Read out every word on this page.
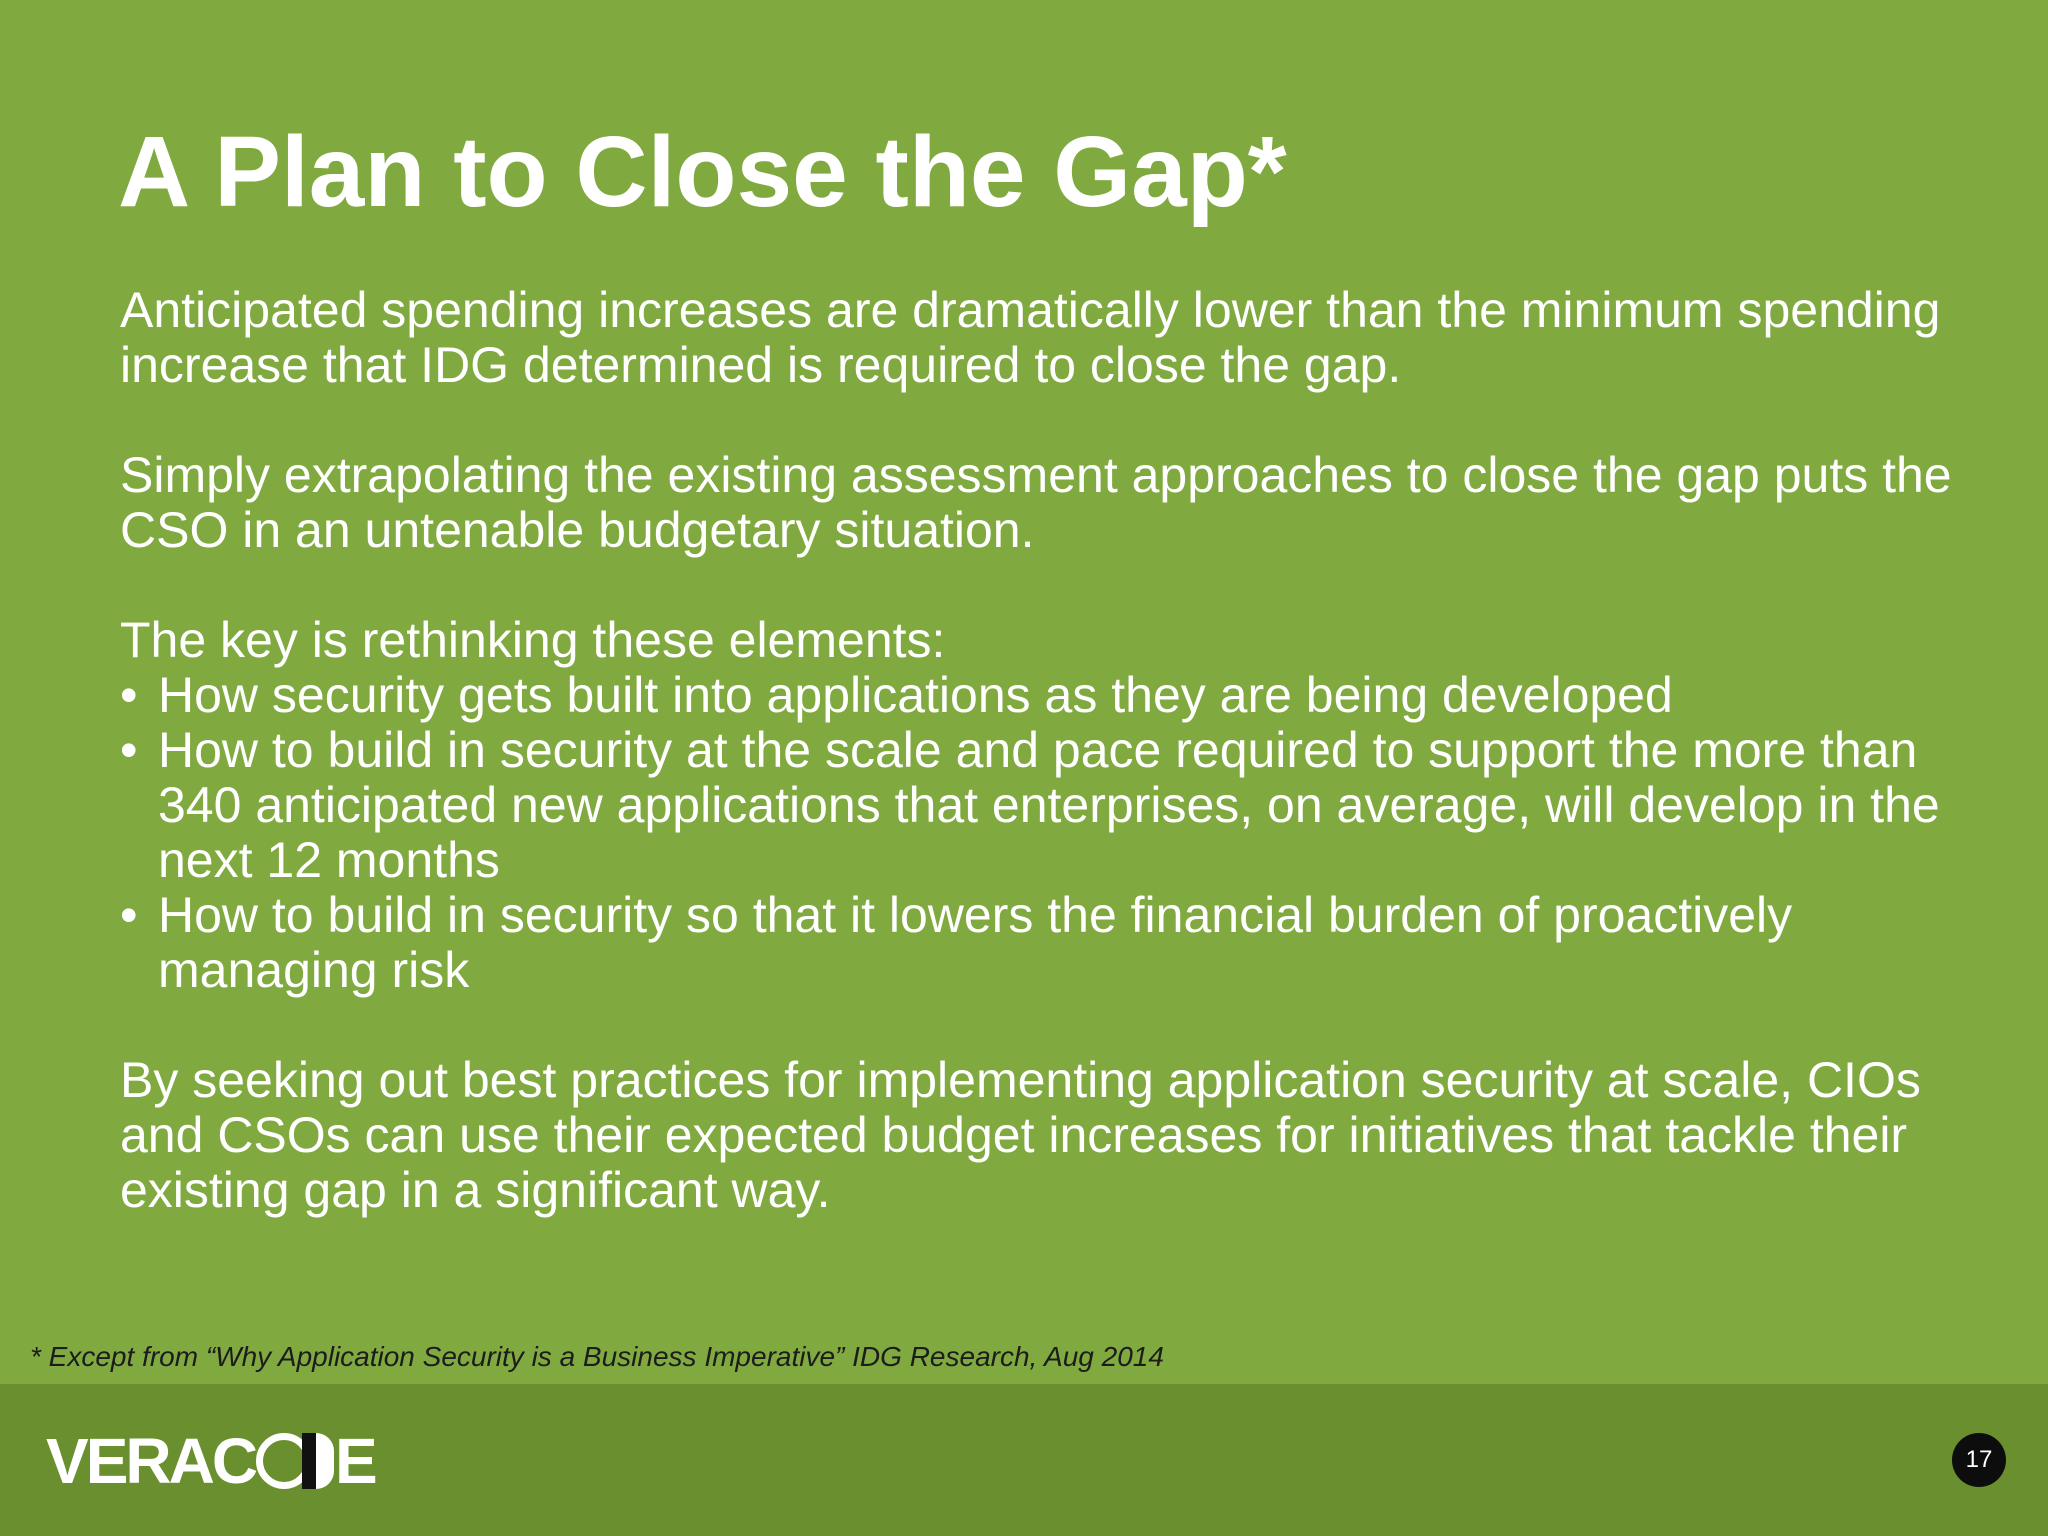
A Plan to Close the Gap*

Anticipated spending increases are dramatically lower than the minimum spending increase that IDG determined is required to close the gap.

Simply extrapolating the existing assessment approaches to close the gap puts the CSO in an untenable budgetary situation.

The key is rethinking these elements:

• How security gets built into applications as they are being developed
• How to build in security at the scale and pace required to support the more than 340 anticipated new applications that enterprises, on average, will develop in the next 12 months
• How to build in security so that it lowers the financial burden of proactively managing risk

By seeking out best practices for implementing application security at scale, CIOs and CSOs can use their expected budget increases for initiatives that tackle their existing gap in a significant way.

* Except from “Why Application Security is a Business Imperative” IDG Research, Aug 2014
VERAC E	17
